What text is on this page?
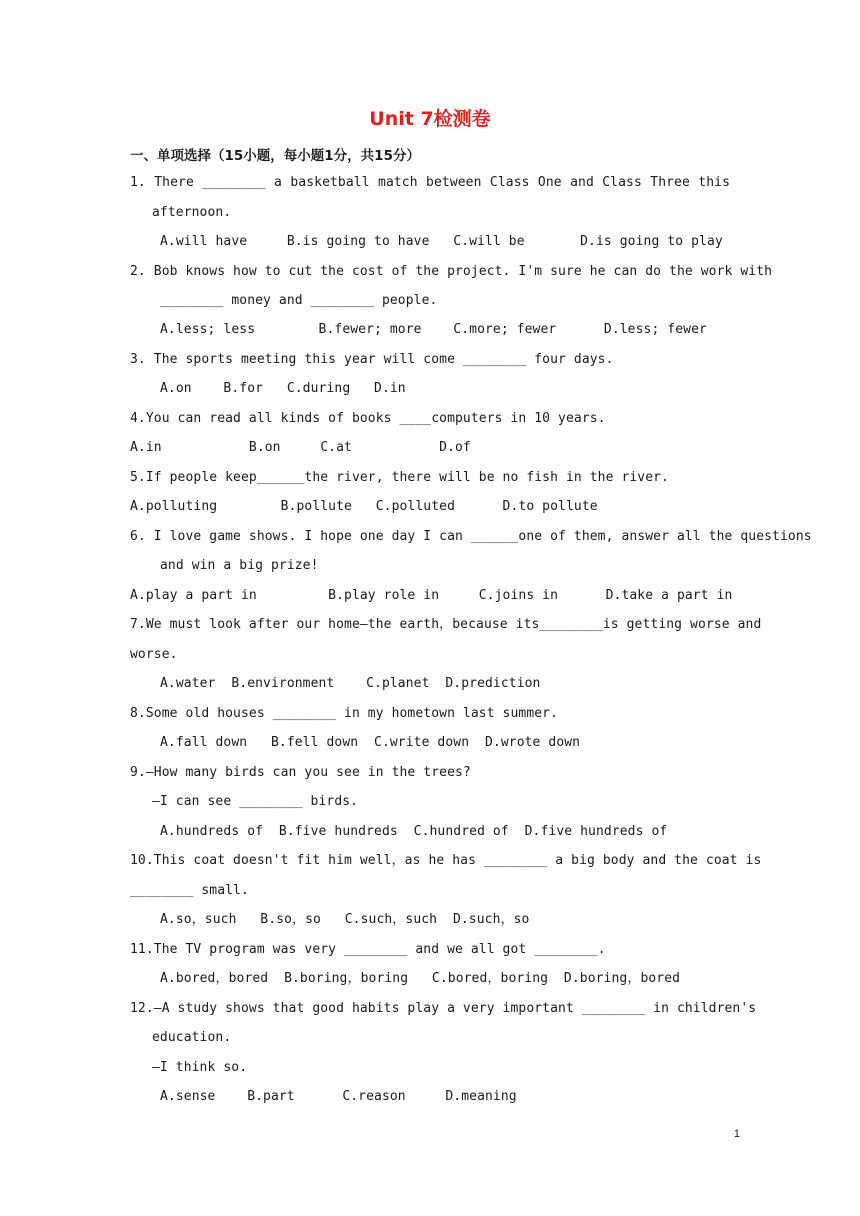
Unit 7检测卷
一、单项选择（15小题，每小题1分，共15分）
1. There ________ a basketball match between Class One and Class Three this
afternoon.
A.will have     B.is going to have   C.will be       D.is going to play
2. Bob knows how to cut the cost of the project. I'm sure he can do the work with
________ money and ________ people.
A.less; less        B.fewer; more    C.more; fewer      D.less; fewer
3. The sports meeting this year will come ________ four days.
A.on    B.for   C.during   D.in
4.You can read all kinds of books ____computers in 10 years.
A.in           B.on     C.at           D.of
5.If people keep______the river, there will be no fish in the river.
A.polluting        B.pollute   C.polluted      D.to pollute
6. I love game shows. I hope one day I can ______one of them, answer all the questions
and win a big prize!
A.play a part in         B.play role in     C.joins in      D.take a part in
7.We must look after our home—the earth，because its________is getting worse and
worse.
A.water  B.environment    C.planet  D.prediction
8.Some old houses ________ in my hometown last summer.
A.fall down   B.fell down  C.write down  D.wrote down
9.—How many birds can you see in the trees?
—I can see ________ birds.
A.hundreds of  B.five hundreds  C.hundred of  D.five hundreds of
10.This coat doesn't fit him well，as he has ________ a big body and the coat is
________ small.
A.so，such   B.so，so   C.such，such  D.such，so
11.The TV program was very ________ and we all got ________.
A.bored，bored  B.boring，boring   C.bored，boring  D.boring，bored
12.—A study shows that good habits play a very important ________ in children's
education.
—I think so.
A.sense    B.part      C.reason     D.meaning
1
